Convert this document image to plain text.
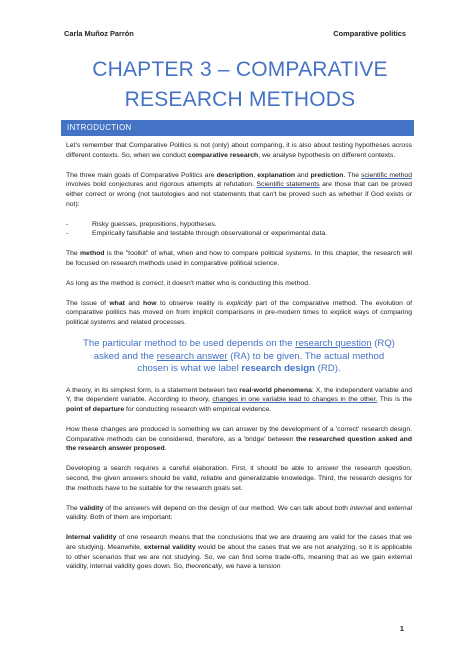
Carla Muñoz Parrón	Comparative politics
CHAPTER 3 – COMPARATIVE
RESEARCH METHODS
INTRODUCTION

Let's remember that Comparative Politics is not (only) about comparing, it is also about testing hypotheses across different contexts. So, when we conduct comparative research, we analyse hypothesis on different contexts.

The three main goals of Comparative Politics are description, explanation and prediction. The scientific method involves bold conjectures and rigorous attempts at refutation. Scientific statements are those that can be proved either correct or wrong (not tautologies and not statements that can't be proved such as whether if God exists or not):

-	Risky guesses, prepositions, hypotheses.
-	Empirically falsifiable and testable through observational or experimental data.

The method is the "toolkit" of what, when and how to compare political systems. In this chapter, the research will be focused on research methods used in comparative political science.

As long as the method is correct, it doesn't matter who is conducting this method.

The issue of what and how to observe reality is explicitly part of the comparative method. The evolution of comparative politics has moved on from implicit comparisons in pre-modern times to explicit ways of comparing political systems and related processes.

The particular method to be used depends on the research question (RQ) asked and the research answer (RA) to be given. The actual method chosen is what we label research design (RD).

A theory, in its simplest form, is a statement between two real-world phenomena: X, the independent variable and Y, the dependent variable. According to theory, changes in one variable lead to changes in the other. This is the point of departure for conducting research with empirical evidence.

How these changes are produced is something we can answer by the development of a 'correct' research design. Comparative methods can be considered, therefore, as a 'bridge' between the researched question asked and the research answer proposed.

Developing a search requires a careful elaboration. First, it should be able to answer the research question, second, the given answers should be valid, reliable and generalizable knowledge. Third, the research designs for the methods have to be suitable for the research goals set.

The validity of the answers will depend on the design of our method. We can talk about both internal and external validity. Both of them are important:

Internal validity of one research means that the conclusions that we are drawing are valid for the cases that we are studying. Meanwhile, external validity would be about the cases that we are not analyzing, so it is applicable to other scenarios that we are not studying. So, we can find some trade-offs, meaning that as we gain external validity, internal validity goes down. So, theoretically, we have a tension

1
